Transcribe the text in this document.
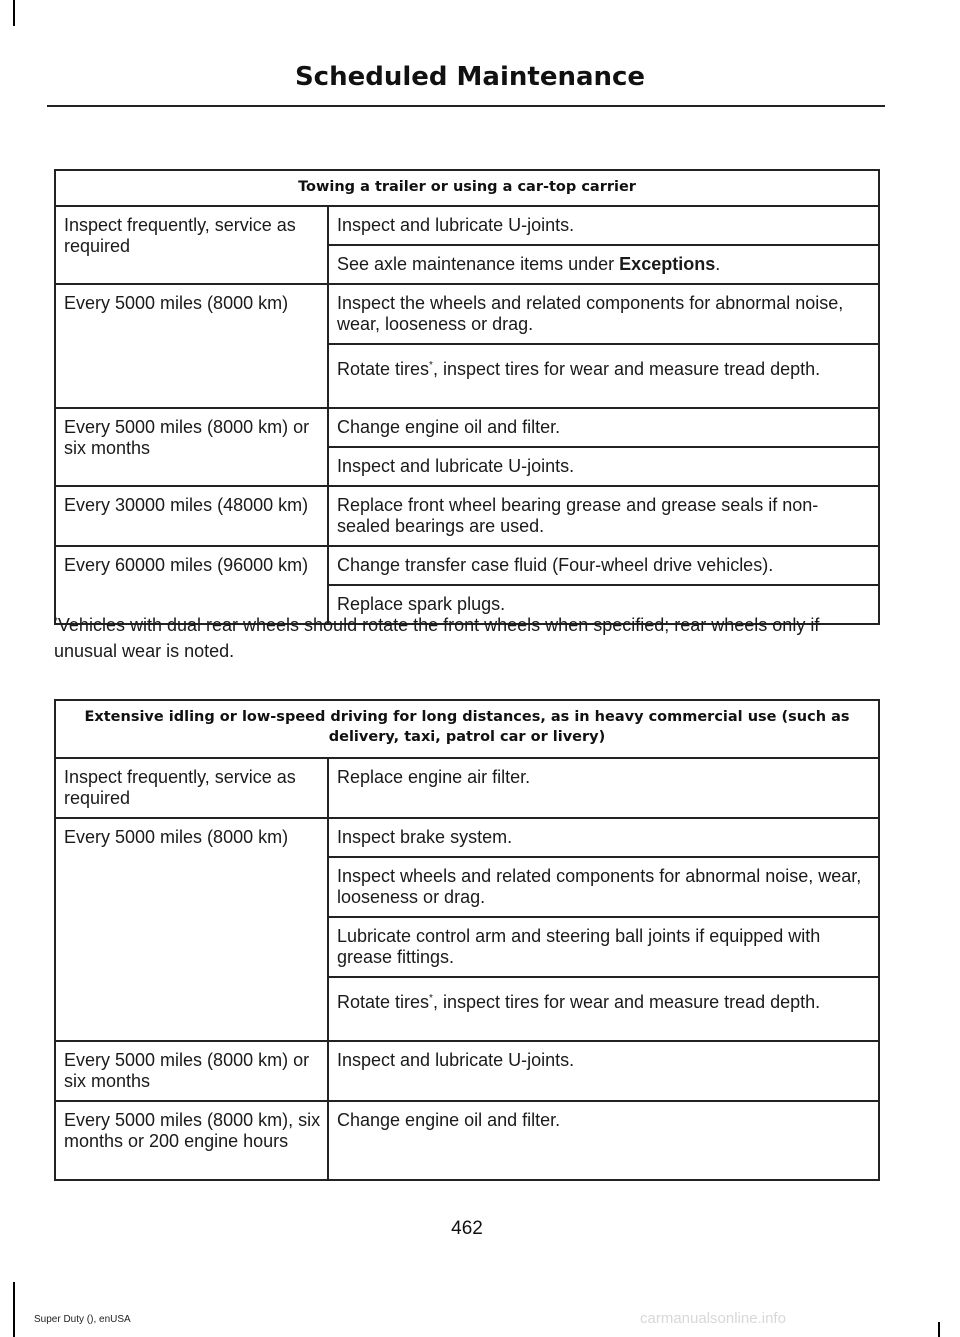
Scheduled Maintenance
Towing a trailer or using a car-top carrier	
Inspect frequently, service as required	Inspect and lubricate U-joints.
	See axle maintenance items under Exceptions.
Every 5000 miles (8000 km)	Inspect the wheels and related components for abnormal noise, wear, looseness or drag.
	Rotate tires*, inspect tires for wear and measure tread depth.
Every 5000 miles (8000 km) or six months	Change engine oil and filter.
	Inspect and lubricate U-joints.
Every 30000 miles (48000 km)	Replace front wheel bearing grease and grease seals if non-sealed bearings are used.
Every 60000 miles (96000 km)	Change transfer case fluid (Four-wheel drive vehicles).
	Replace spark plugs.
*Vehicles with dual rear wheels should rotate the front wheels when specified; rear wheels only if unusual wear is noted.
Extensive idling or low-speed driving for long distances, as in heavy commercial use (such as delivery, taxi, patrol car or livery)	
Inspect frequently, service as required	Replace engine air filter.
Every 5000 miles (8000 km)	Inspect brake system.
	Inspect wheels and related components for abnormal noise, wear, looseness or drag.
	Lubricate control arm and steering ball joints if equipped with grease fittings.
	Rotate tires*, inspect tires for wear and measure tread depth.
Every 5000 miles (8000 km) or six months	Inspect and lubricate U-joints.
Every 5000 miles (8000 km), six months or 200 engine hours	Change engine oil and filter.
462
Super Duty (), enUSA	carmanualsonline.info
